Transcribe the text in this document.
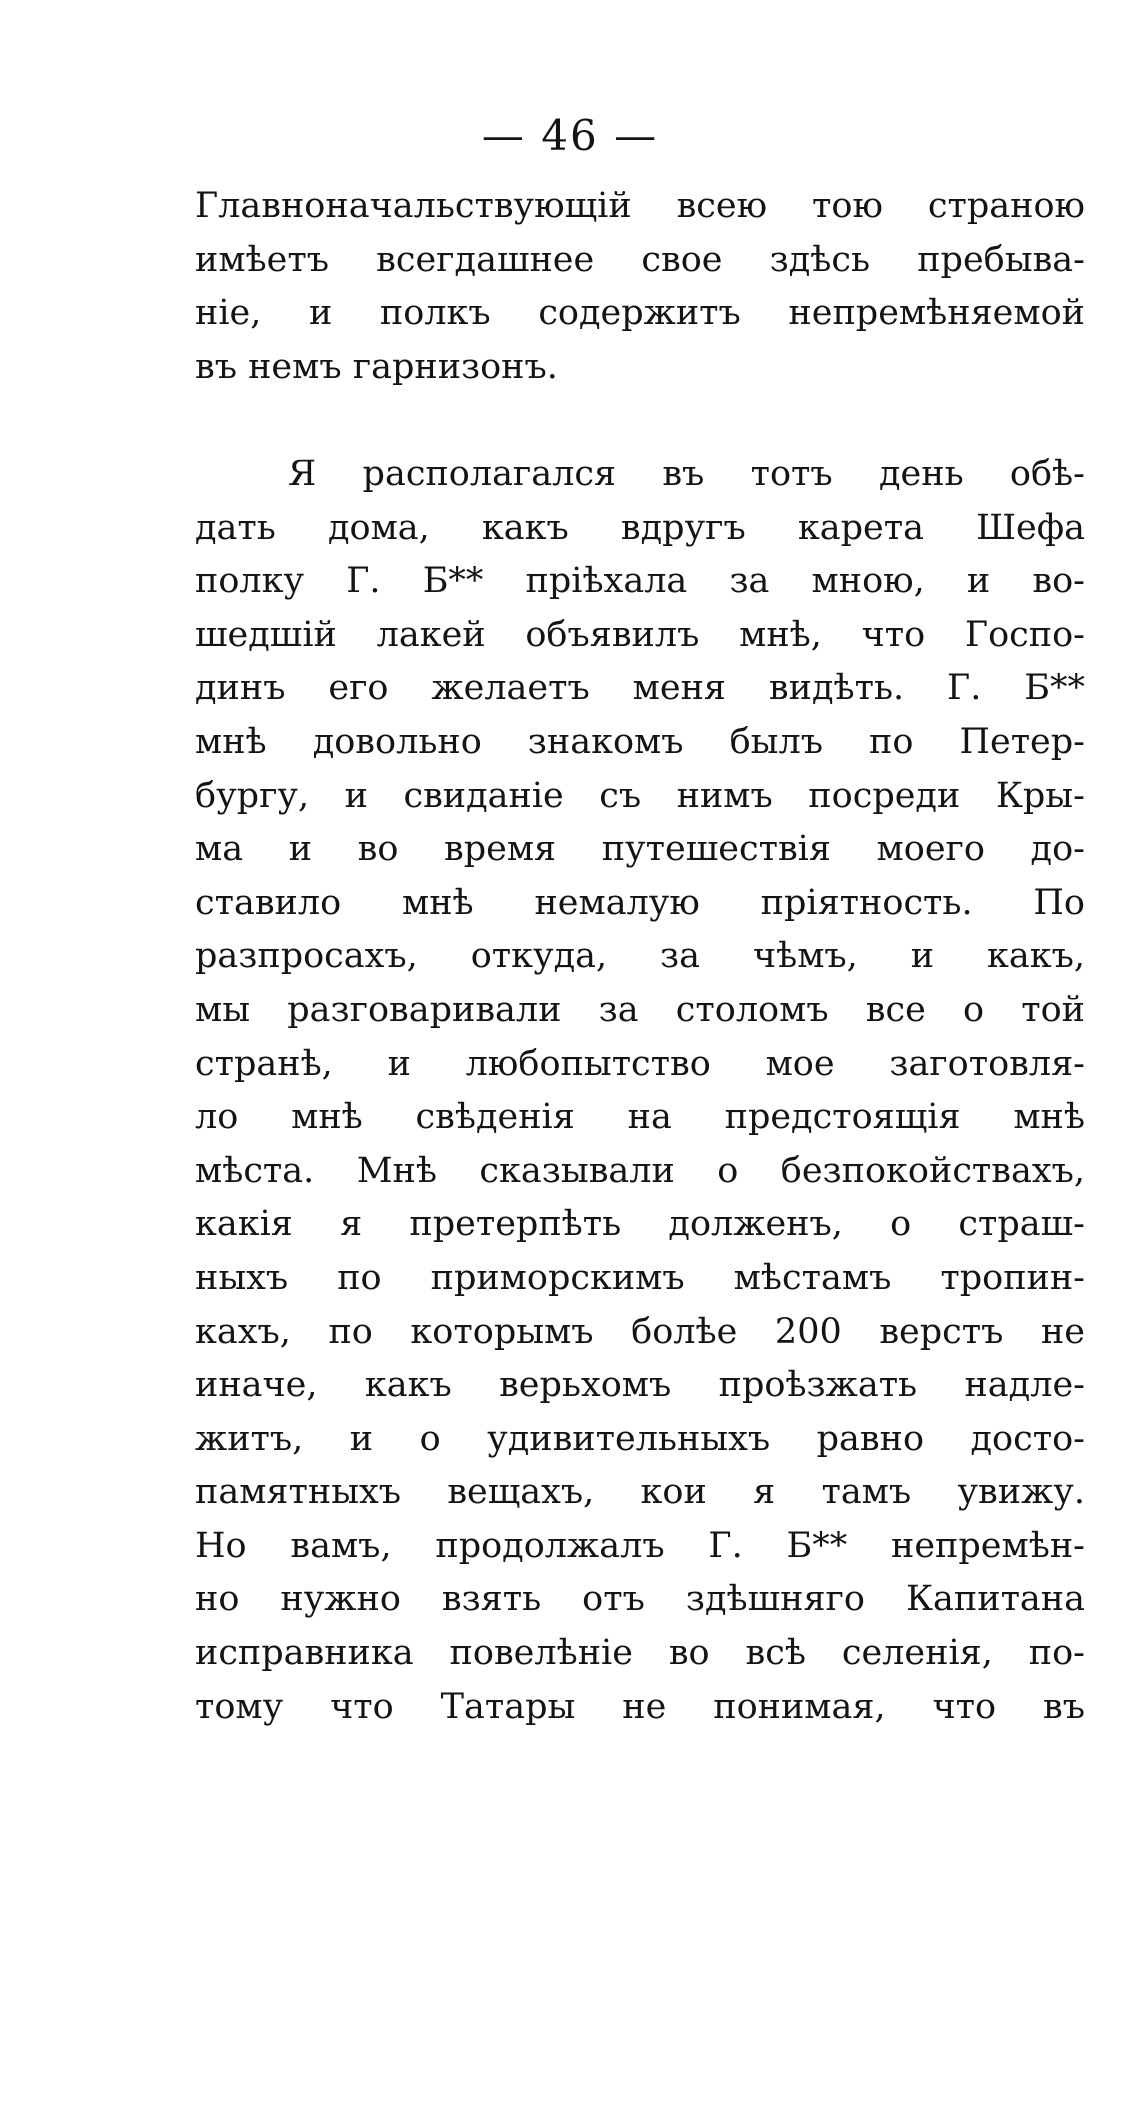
— 46 —
Главноначальствующій всею тою страною
имѣетъ всегдашнее свое здѣсь пребыва-
ніе, и полкъ содержитъ непремѣняемой
въ немъ гарнизонъ.
Я располагался въ тотъ день обѣ-
дать дома, какъ вдругъ карета Шефа
полку Г. Б** пріѣхала за мною, и во-
шедшій лакей объявилъ мнѣ, что Госпо-
динъ его желаетъ меня видѣть. Г. Б**
мнѣ довольно знакомъ былъ по Петер-
бургу, и свиданіе съ нимъ посреди Кры-
ма и во время путешествія моего до-
ставило мнѣ немалую пріятность. По
разпросахъ, откуда, за чѣмъ, и какъ,
мы разговаривали за столомъ все о той
странѣ, и любопытство мое заготовля-
ло мнѣ свѣденія на предстоящія мнѣ
мѣста. Мнѣ сказывали о безпокойствахъ,
какія я претерпѣть долженъ, о страш-
ныхъ по приморскимъ мѣстамъ тропин-
кахъ, по которымъ болѣе 200 верстъ не
иначе, какъ верьхомъ проѣзжать надле-
житъ, и о удивительныхъ равно достo-
памятныхъ вещахъ, кои я тамъ увижу.
Но вамъ, продолжалъ Г. Б** непремѣн-
но нужно взять отъ здѣшняго Капитана
исправника повелѣніе во всѣ селенія, по-
тому что Татары не понимая, что въ
